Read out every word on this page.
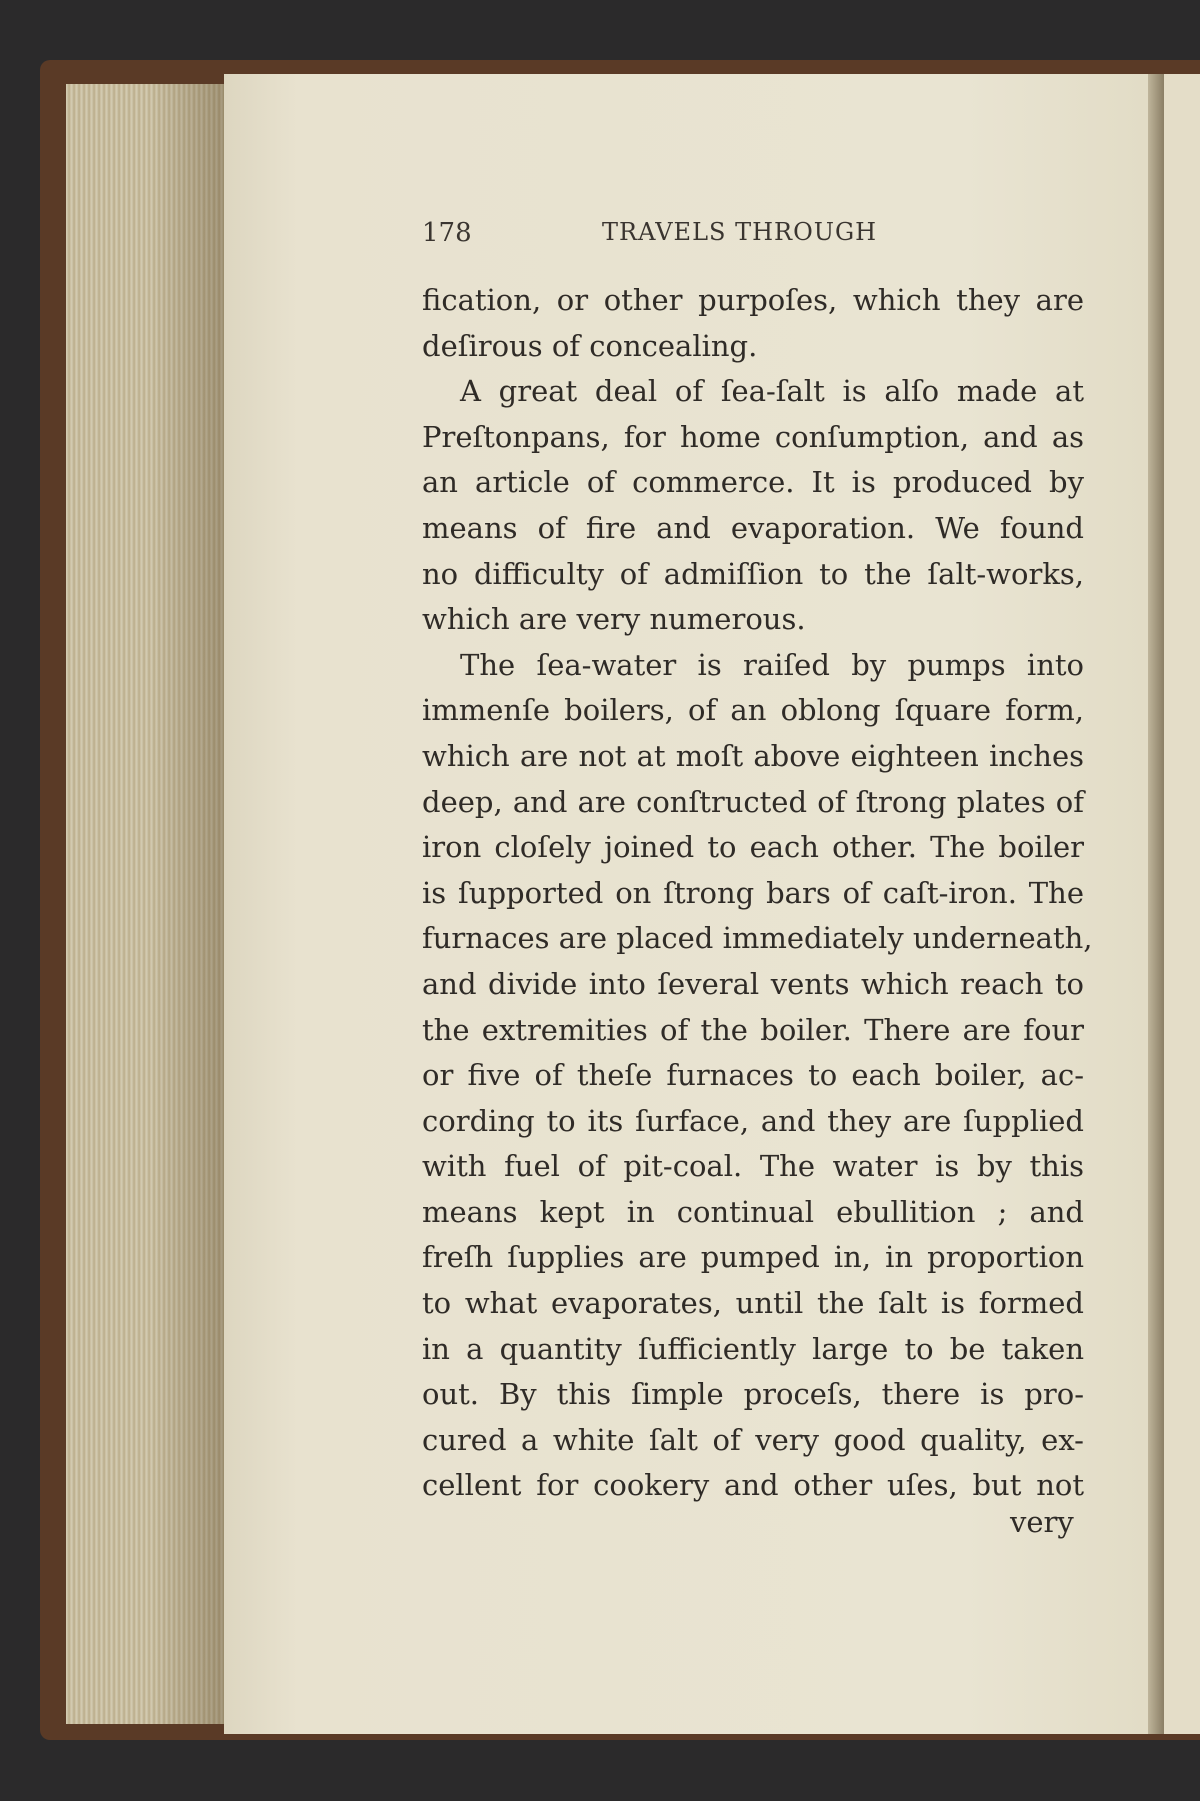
178	TRAVELS THROUGH
fication, or other purpoſes, which they are
deſirous of concealing.
A great deal of ſea-ſalt is alſo made at
Preſtonpans, for home conſumption, and as
an article of commerce. It is produced by
means of fire and evaporation. We found
no difficulty of admiſſion to the ſalt-works,
which are very numerous.
The ſea-water is raiſed by pumps into
immenſe boilers, of an oblong ſquare form,
which are not at moſt above eighteen inches
deep, and are conſtructed of ſtrong plates of
iron cloſely joined to each other. The boiler
is ſupported on ſtrong bars of caſt-iron. The
furnaces are placed immediately underneath,
and divide into ſeveral vents which reach to
the extremities of the boiler. There are four
or five of theſe furnaces to each boiler, ac-
cording to its ſurface, and they are ſupplied
with fuel of pit-coal. The water is by this
means kept in continual ebullition ; and
freſh ſupplies are pumped in, in proportion
to what evaporates, until the ſalt is formed
in a quantity ſufficiently large to be taken
out. By this ſimple proceſs, there is pro-
cured a white ſalt of very good quality, ex-
cellent for cookery and other uſes, but not
very
